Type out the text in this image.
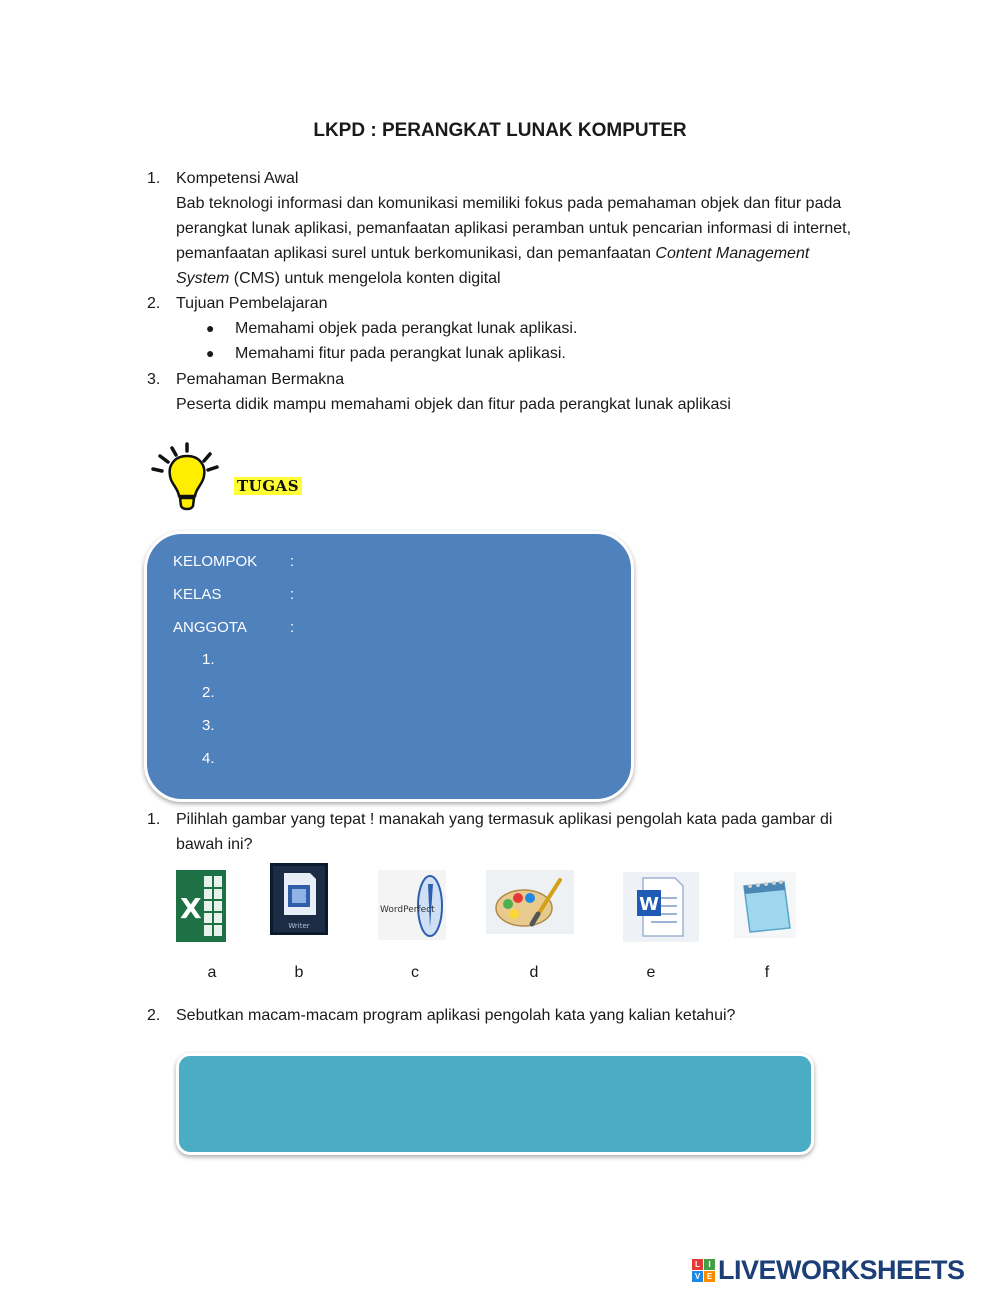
LKPD : PERANGKAT LUNAK KOMPUTER
1. Kompetensi Awal
Bab teknologi informasi dan komunikasi memiliki fokus pada pemahaman objek dan fitur pada
perangkat lunak aplikasi, pemanfaatan aplikasi peramban untuk pencarian informasi di internet,
pemanfaatan aplikasi surel untuk berkomunikasi, dan pemanfaatan Content Management
System (CMS) untuk mengelola konten digital
2. Tujuan Pembelajaran
● Memahami objek pada perangkat lunak aplikasi.
● Memahami fitur pada perangkat lunak aplikasi.
3. Pemahaman Bermakna
Peserta didik mampu memahami objek dan fitur pada perangkat lunak aplikasi
TUGAS
KELOMPOK :
KELAS	:
ANGGOTA	:
1.
2.
3.
4.
1. Pilihlah gambar yang tepat ! manakah yang termasuk aplikasi pengolah kata pada gambar di
bawah ini?
X
Writer
WordPerfect	W
a	b	c	d	e	f
2. Sebutkan macam-macam program aplikasi pengolah kata yang kalian ketahui?
L	I
V E LIVEWORKSHEETS
